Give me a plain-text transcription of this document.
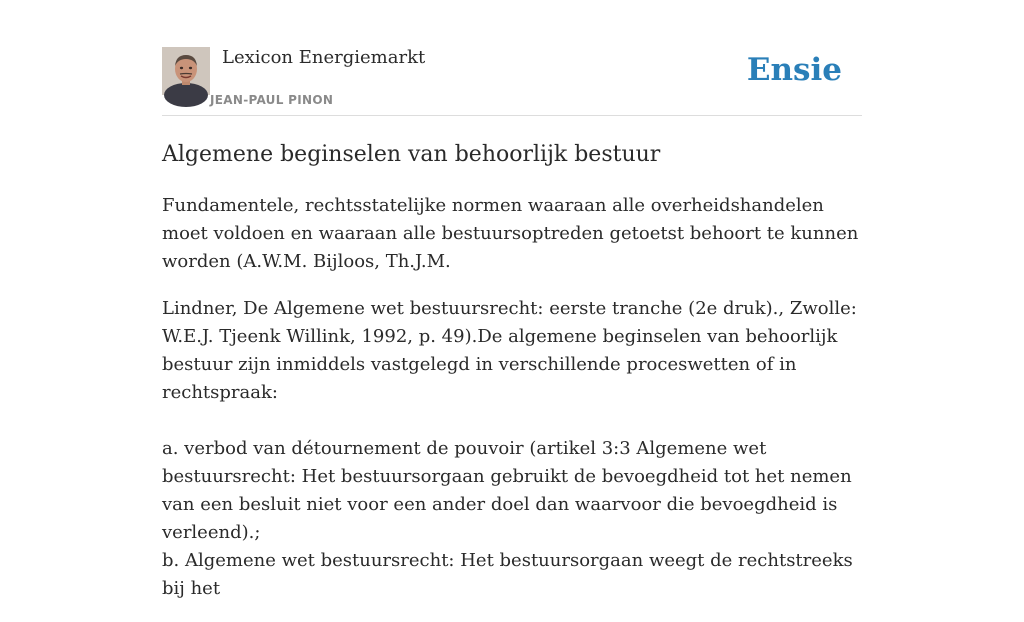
Lexicon Energiemarkt
JEAN-PAUL PINON
Ensie
Algemene beginselen van behoorlijk bestuur

Fundamentele, rechtsstatelijke normen waaraan alle overheidshandelen moet voldoen en waaraan alle bestuursoptreden getoetst behoort te kunnen worden (A.W.M. Bijloos, Th.J.M.

Lindner, De Algemene wet bestuursrecht: eerste tranche (2e druk)., Zwolle: W.E.J. Tjeenk Willink, 1992, p. 49).De algemene beginselen van behoorlijk bestuur zijn inmiddels vastgelegd in verschillende proceswetten of in rechtspraak:

a. verbod van détournement de pouvoir (artikel 3:3 Algemene wet bestuursrecht: Het bestuursorgaan gebruikt de bevoegdheid tot het nemen van een besluit niet voor een ander doel dan waarvoor die bevoegdheid is verleend).;
b. Algemene wet bestuursrecht: Het bestuursorgaan weegt de rechtstreeks bij het
